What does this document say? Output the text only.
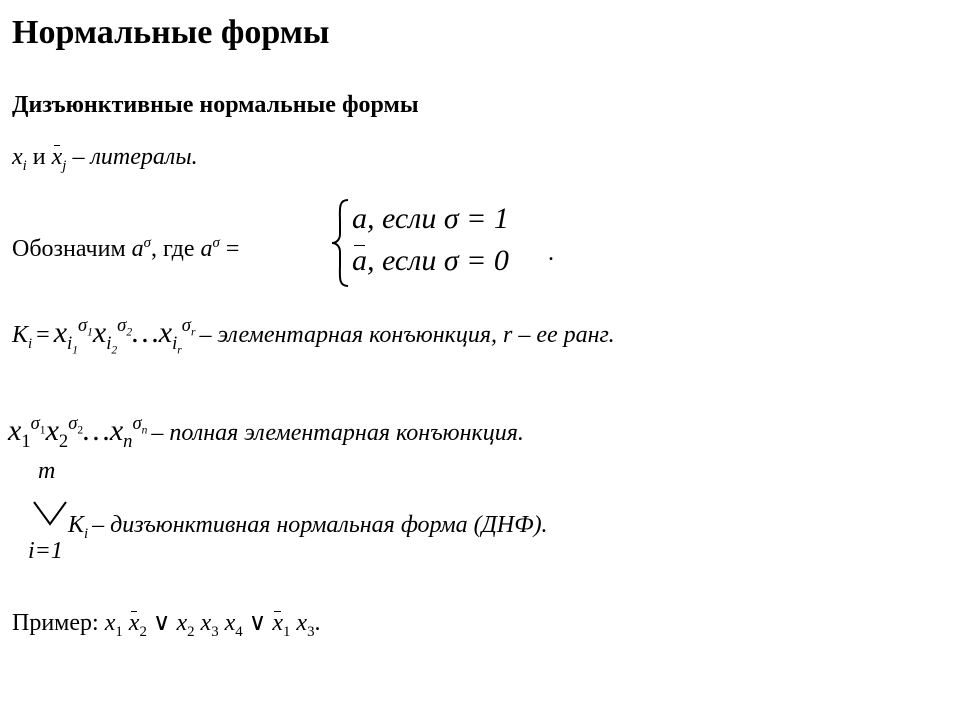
Нормальные формы
Дизъюнктивные нормальные формы
$x_i$ и $x_j$ – литералы.
Обозначим $a^\sigma$, где $a^\sigma$ =
a, если σ = 1
a, если σ = 0 .
$K_i$ = $x_{i_1}^{\sigma_1}x_{i_2}^{\sigma_2}\dots x_{i_r}^{\sigma_r}$ – элементарная конъюнкция, r – ее ранг.
$x_1^{\sigma_1}x_2^{\sigma_2}\dots x_n^{\sigma_n}$ – полная элементарная конъюнкция.
m
$K_i$ – дизъюнктивная нормальная форма (ДНФ).
i=1
Пример: $x_1$ $x_2$ ∨ $x_2$ $x_3$ $x_4$ ∨ $x_1$ $x_3$.
